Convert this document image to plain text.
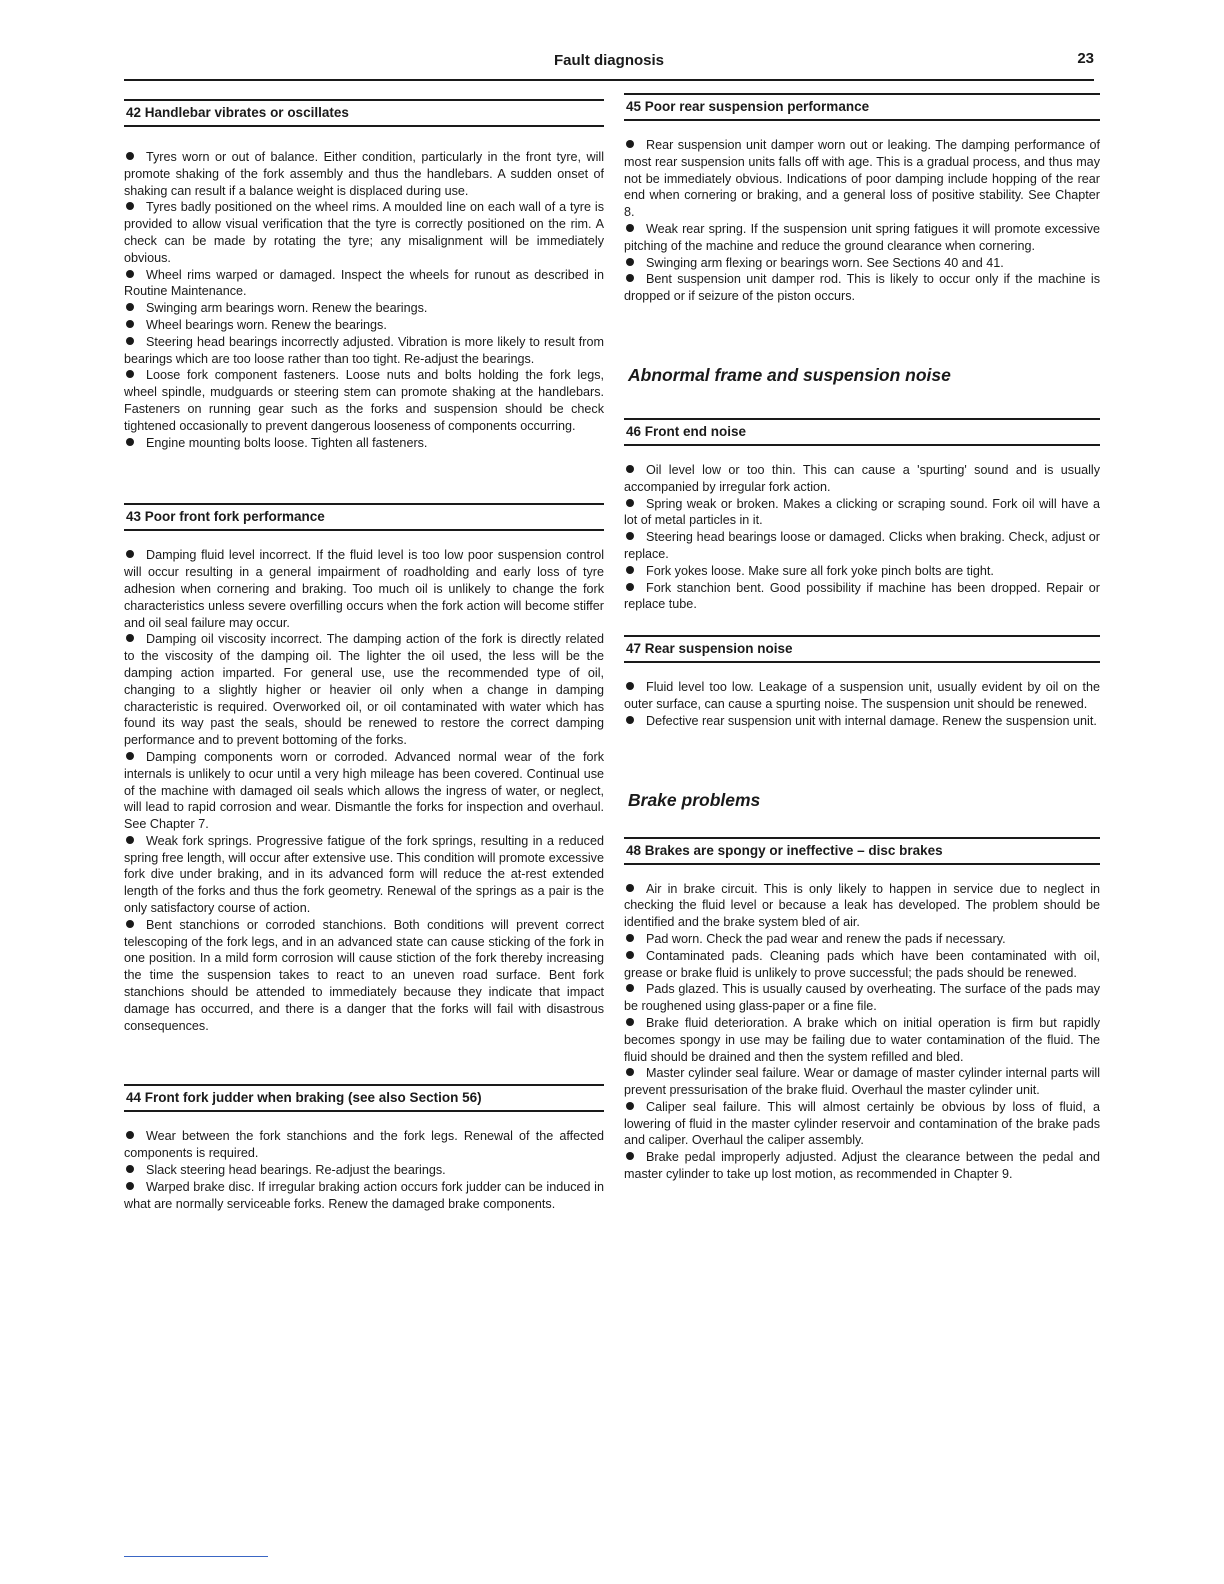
Fault diagnosis	23
42 Handlebar vibrates or oscillates

Tyres worn or out of balance. Either condition, particularly in the front tyre, will promote shaking of the fork assembly and thus the handlebars. A sudden onset of shaking can result if a balance weight is displaced during use.

Tyres badly positioned on the wheel rims. A moulded line on each wall of a tyre is provided to allow visual verification that the tyre is correctly positioned on the rim. A check can be made by rotating the tyre; any misalignment will be immediately obvious.

Wheel rims warped or damaged. Inspect the wheels for runout as described in Routine Maintenance.

Swinging arm bearings worn. Renew the bearings.

Wheel bearings worn. Renew the bearings.

Steering head bearings incorrectly adjusted. Vibration is more likely to result from bearings which are too loose rather than too tight. Re-adjust the bearings.

Loose fork component fasteners. Loose nuts and bolts holding the fork legs, wheel spindle, mudguards or steering stem can promote shaking at the handlebars. Fasteners on running gear such as the forks and suspension should be check tightened occasionally to prevent dangerous looseness of components occurring.

Engine mounting bolts loose. Tighten all fasteners.

43 Poor front fork performance

Damping fluid level incorrect. If the fluid level is too low poor suspension control will occur resulting in a general impairment of roadholding and early loss of tyre adhesion when cornering and braking. Too much oil is unlikely to change the fork characteristics unless severe overfilling occurs when the fork action will become stiffer and oil seal failure may occur.

Damping oil viscosity incorrect. The damping action of the fork is directly related to the viscosity of the damping oil. The lighter the oil used, the less will be the damping action imparted. For general use, use the recommended type of oil, changing to a slightly higher or heavier oil only when a change in damping characteristic is required. Overworked oil, or oil contaminated with water which has found its way past the seals, should be renewed to restore the correct damping performance and to prevent bottoming of the forks.

Damping components worn or corroded. Advanced normal wear of the fork internals is unlikely to ocur until a very high mileage has been covered. Continual use of the machine with damaged oil seals which allows the ingress of water, or neglect, will lead to rapid corrosion and wear. Dismantle the forks for inspection and overhaul. See Chapter 7.

Weak fork springs. Progressive fatigue of the fork springs, resulting in a reduced spring free length, will occur after extensive use. This condition will promote excessive fork dive under braking, and in its advanced form will reduce the at-rest extended length of the forks and thus the fork geometry. Renewal of the springs as a pair is the only satisfactory course of action.

Bent stanchions or corroded stanchions. Both conditions will prevent correct telescoping of the fork legs, and in an advanced state can cause sticking of the fork in one position. In a mild form corrosion will cause stiction of the fork thereby increasing the time the suspension takes to react to an uneven road surface. Bent fork stanchions should be attended to immediately because they indicate that impact damage has occurred, and there is a danger that the forks will fail with disastrous consequences.

44 Front fork judder when braking (see also Section 56)

Wear between the fork stanchions and the fork legs. Renewal of the affected components is required.

Slack steering head bearings. Re-adjust the bearings.

Warped brake disc. If irregular braking action occurs fork judder can be induced in what are normally serviceable forks. Renew the damaged brake components.

45 Poor rear suspension performance

Rear suspension unit damper worn out or leaking. The damping performance of most rear suspension units falls off with age. This is a gradual process, and thus may not be immediately obvious. Indications of poor damping include hopping of the rear end when cornering or braking, and a general loss of positive stability. See Chapter 8.

Weak rear spring. If the suspension unit spring fatigues it will promote excessive pitching of the machine and reduce the ground clearance when cornering.

Swinging arm flexing or bearings worn. See Sections 40 and 41.

Bent suspension unit damper rod. This is likely to occur only if the machine is dropped or if seizure of the piston occurs.

Abnormal frame and suspension noise
46 Front end noise

Oil level low or too thin. This can cause a 'spurting' sound and is usually accompanied by irregular fork action.

Spring weak or broken. Makes a clicking or scraping sound. Fork oil will have a lot of metal particles in it.

Steering head bearings loose or damaged. Clicks when braking. Check, adjust or replace.

Fork yokes loose. Make sure all fork yoke pinch bolts are tight.

Fork stanchion bent. Good possibility if machine has been dropped. Repair or replace tube.

47 Rear suspension noise

Fluid level too low. Leakage of a suspension unit, usually evident by oil on the outer surface, can cause a spurting noise. The suspension unit should be renewed.

Defective rear suspension unit with internal damage. Renew the suspension unit.

Brake problems
48 Brakes are spongy or ineffective – disc brakes

Air in brake circuit. This is only likely to happen in service due to neglect in checking the fluid level or because a leak has developed. The problem should be identified and the brake system bled of air.

Pad worn. Check the pad wear and renew the pads if necessary.

Contaminated pads. Cleaning pads which have been contaminated with oil, grease or brake fluid is unlikely to prove successful; the pads should be renewed.

Pads glazed. This is usually caused by overheating. The surface of the pads may be roughened using glass-paper or a fine file.

Brake fluid deterioration. A brake which on initial operation is firm but rapidly becomes spongy in use may be failing due to water contamination of the fluid. The fluid should be drained and then the system refilled and bled.

Master cylinder seal failure. Wear or damage of master cylinder internal parts will prevent pressurisation of the brake fluid. Overhaul the master cylinder unit.

Caliper seal failure. This will almost certainly be obvious by loss of fluid, a lowering of fluid in the master cylinder reservoir and contamination of the brake pads and caliper. Overhaul the caliper assembly.

Brake pedal improperly adjusted. Adjust the clearance between the pedal and master cylinder to take up lost motion, as recommended in Chapter 9.
